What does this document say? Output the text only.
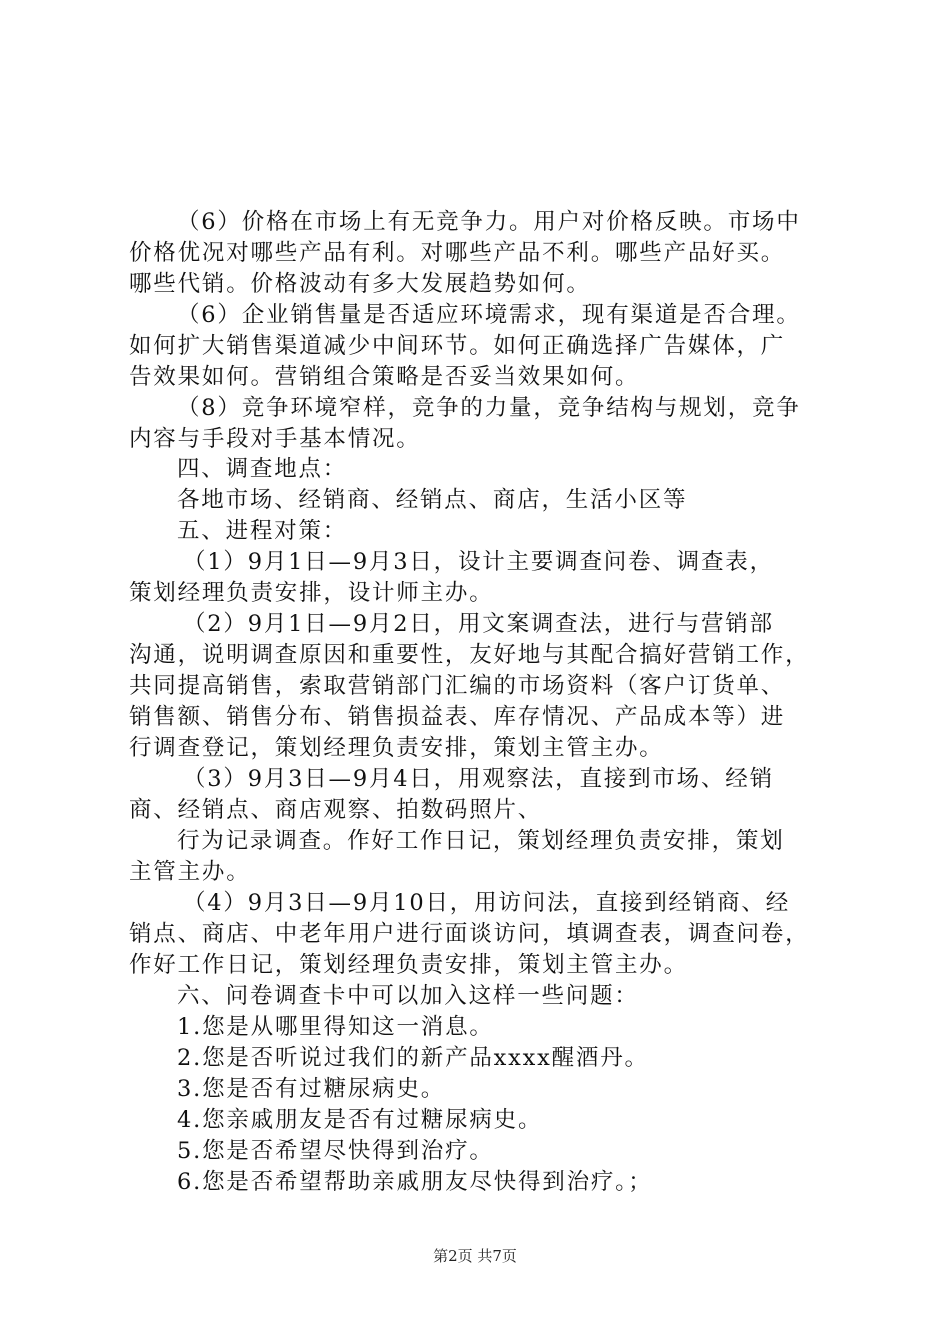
（6）价格在市场上有无竞争力。用户对价格反映。市场中
价格优况对哪些产品有利。对哪些产品不利。哪些产品好买。
哪些代销。价格波动有多大发展趋势如何。
（6）企业销售量是否适应环境需求，现有渠道是否合理。
如何扩大销售渠道减少中间环节。如何正确选择广告媒体，广
告效果如何。营销组合策略是否妥当效果如何。
（8）竞争环境窄样，竞争的力量，竞争结构与规划，竞争
内容与手段对手基本情况。
四、调查地点：
各地市场、经销商、经销点、商店，生活小区等
五、进程对策：
（1）9月1日—9月3日，设计主要调查问卷、调查表，
策划经理负责安排，设计师主办。
（2）9月1日—9月2日，用文案调查法，进行与营销部
沟通，说明调查原因和重要性，友好地与其配合搞好营销工作，
共同提高销售，索取营销部门汇编的市场资料（客户订货单、
销售额、销售分布、销售损益表、库存情况、产品成本等）进
行调查登记，策划经理负责安排，策划主管主办。
（3）9月3日—9月4日，用观察法，直接到市场、经销
商、经销点、商店观察、拍数码照片、
行为记录调查。作好工作日记，策划经理负责安排，策划
主管主办。
（4）9月3日—9月10日，用访问法，直接到经销商、经
销点、商店、中老年用户进行面谈访问，填调查表，调查问卷，
作好工作日记，策划经理负责安排，策划主管主办。
六、问卷调查卡中可以加入这样一些问题：
1.您是从哪里得知这一消息。
2.您是否听说过我们的新产品xxxx醒酒丹。
3.您是否有过糖尿病史。
4.您亲戚朋友是否有过糖尿病史。
5.您是否希望尽快得到治疗。
6.您是否希望帮助亲戚朋友尽快得到治疗。；
第2页 共7页
